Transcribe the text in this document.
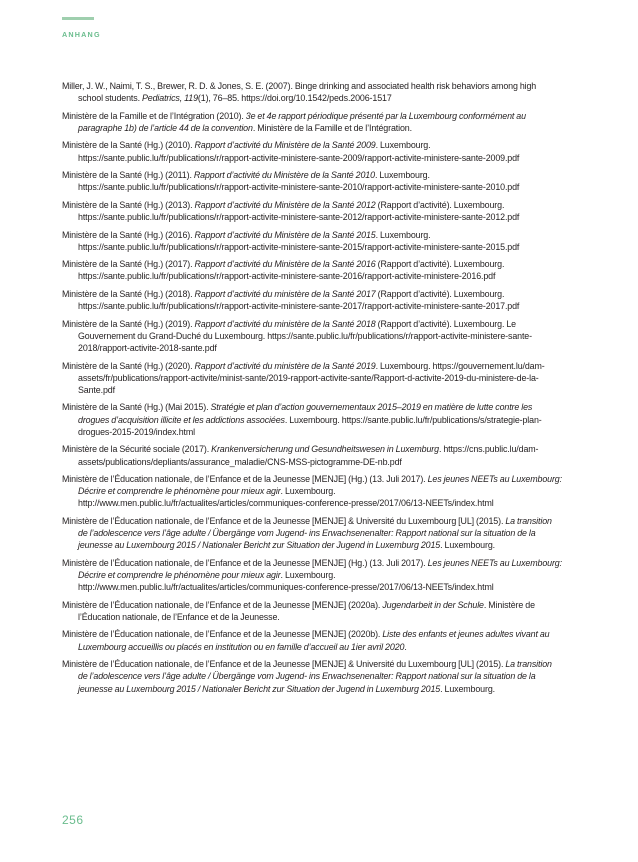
ANHANG

Miller, J. W., Naimi, T. S., Brewer, R. D. & Jones, S. E. (2007). Binge drinking and associated health risk behaviors among high school students. Pediatrics, 119(1), 76–85. https://doi.org/10.1542/peds.2006-1517

Ministère de la Famille et de l’Intégration (2010). 3e et 4e rapport périodique présenté par la Luxembourg conformément au paragraphe 1b) de l’article 44 de la convention. Ministère de la Famille et de l’Intégration.

Ministère de la Santé (Hg.) (2010). Rapport d’activité du Ministère de la Santé 2009. Luxembourg. https://sante.public.lu/fr/publications/r/rapport-activite-ministere-sante-2009/rapport-activite-ministere-sante-2009.pdf

Ministère de la Santé (Hg.) (2011). Rapport d’activité du Ministère de la Santé 2010. Luxembourg. https://sante.public.lu/fr/publications/r/rapport-activite-ministere-sante-2010/rapport-activite-ministere-sante-2010.pdf

Ministère de la Santé (Hg.) (2013). Rapport d’activité du Ministère de la Santé 2012 (Rapport d’activité). Luxembourg. https://sante.public.lu/fr/publications/r/rapport-activite-ministere-sante-2012/rapport-activite-ministere-sante-2012.pdf

Ministère de la Santé (Hg.) (2016). Rapport d’activité du Ministère de la Santé 2015. Luxembourg. https://sante.public.lu/fr/publications/r/rapport-activite-ministere-sante-2015/rapport-activite-ministere-sante-2015.pdf

Ministère de la Santé (Hg.) (2017). Rapport d’activité du Ministère de la Santé 2016 (Rapport d’activité). Luxembourg. https://sante.public.lu/fr/publications/r/rapport-activite-ministere-sante-2016/rapport-activite-ministere-2016.pdf

Ministère de la Santé (Hg.) (2018). Rapport d’activité du ministère de la Santé 2017 (Rapport d’activité). Luxembourg. https://sante.public.lu/fr/publications/r/rapport-activite-ministere-sante-2017/rapport-activite-ministere-sante-2017.pdf

Ministère de la Santé (Hg.) (2019). Rapport d’activité du ministère de la Santé 2018 (Rapport d’activité). Luxembourg. Le Gouvernement du Grand-Duché du Luxembourg. https://sante.public.lu/fr/publications/r/rapport-activite-ministere-sante-2018/rapport-activite-2018-sante.pdf

Ministère de la Santé (Hg.) (2020). Rapport d’activité du ministère de la Santé 2019. Luxembourg. https://gouvernement.lu/dam-assets/fr/publications/rapport-activite/minist-sante/2019-rapport-activite-sante/Rapport-d-activite-2019-du-ministere-de-la-Sante.pdf

Ministère de la Santé (Hg.) (Mai 2015). Stratégie et plan d’action gouvernementaux 2015–2019 en matière de lutte contre les drogues d’acquisition illicite et les addictions associées. Luxembourg. https://sante.public.lu/fr/publications/s/strategie-plan-drogues-2015-2019/index.html

Ministère de la Sécurité sociale (2017). Krankenversicherung und Gesundheitswesen in Luxemburg. https://cns.public.lu/dam-assets/publications/depliants/assurance_maladie/CNS-MSS-pictogramme-DE-nb.pdf

Ministère de l’Éducation nationale, de l’Enfance et de la Jeunesse [MENJE] (Hg.) (13. Juli 2017). Les jeunes NEETs au Luxembourg: Décrire et comprendre le phénomène pour mieux agir. Luxembourg. http://www.men.public.lu/fr/actualites/articles/communiques-conference-presse/2017/06/13-NEETs/index.html

Ministère de l’Éducation nationale, de l’Enfance et de la Jeunesse [MENJE] & Université du Luxembourg [UL] (2015). La transition de l’adolescence vers l’âge adulte / Übergänge vom Jugend- ins Erwachsenenalter: Rapport national sur la situation de la jeunesse au Luxembourg 2015 / Nationaler Bericht zur Situation der Jugend in Luxemburg 2015. Luxembourg.

Ministère de l’Éducation nationale, de l’Enfance et de la Jeunesse [MENJE] (Hg.) (13. Juli 2017). Les jeunes NEETs au Luxembourg: Décrire et comprendre le phénomène pour mieux agir. Luxembourg. http://www.men.public.lu/fr/actualites/articles/communiques-conference-presse/2017/06/13-NEETs/index.html

Ministère de l’Éducation nationale, de l’Enfance et de la Jeunesse [MENJE] (2020a). Jugendarbeit in der Schule. Ministère de l’Éducation nationale, de l’Enfance et de la Jeunesse.

Ministère de l’Éducation nationale, de l’Enfance et de la Jeunesse [MENJE] (2020b). Liste des enfants et jeunes adultes vivant au Luxembourg accueillis ou placés en institution ou en famille d’accueil au 1ier avril 2020.

Ministère de l’Éducation nationale, de l’Enfance et de la Jeunesse [MENJE] & Université du Luxembourg [UL] (2015). La transition de l’adolescence vers l’âge adulte / Übergänge vom Jugend- ins Erwachsenenalter: Rapport national sur la situation de la jeunesse au Luxembourg 2015 / Nationaler Bericht zur Situation der Jugend in Luxemburg 2015. Luxembourg.

256
